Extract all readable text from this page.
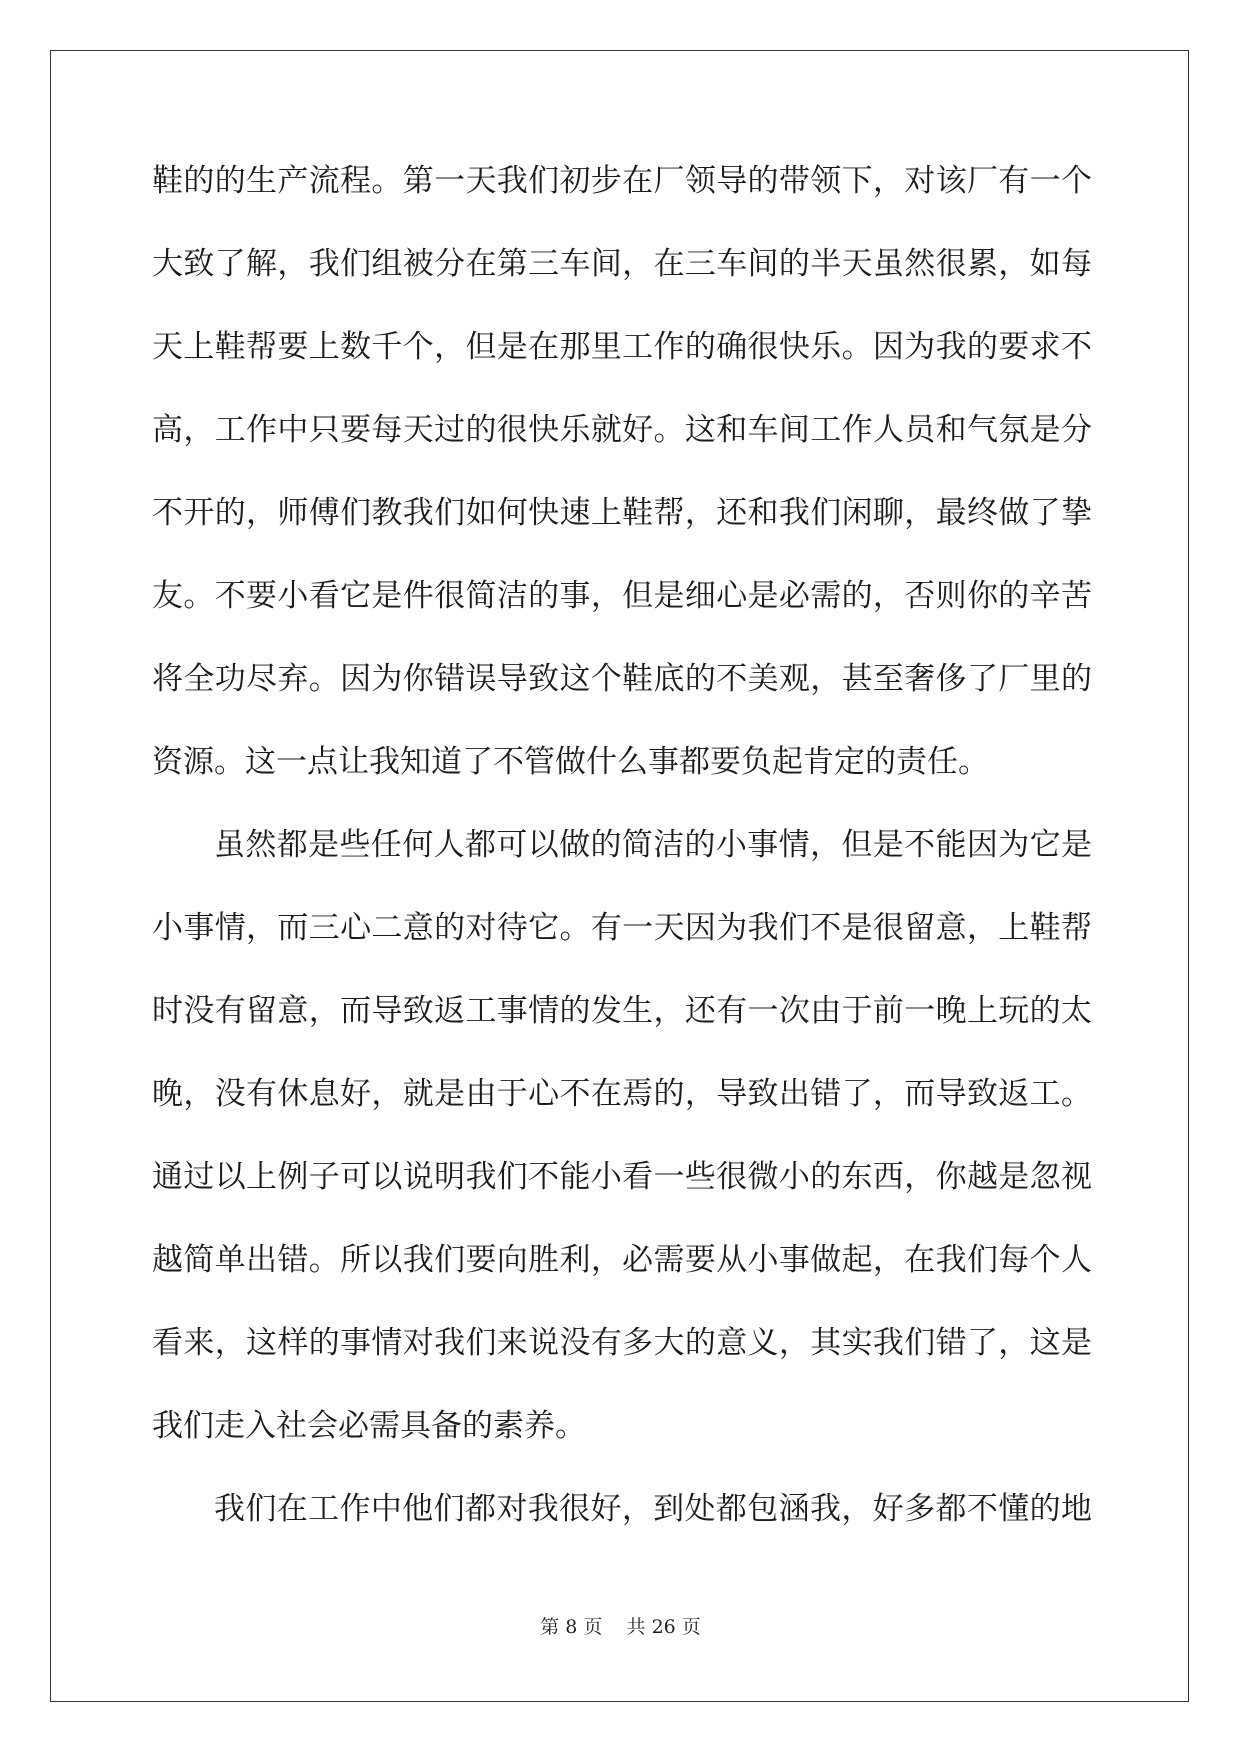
鞋的的生产流程。第一天我们初步在厂领导的带领下，对该厂有一个
大致了解，我们组被分在第三车间，在三车间的半天虽然很累，如每
天上鞋帮要上数千个，但是在那里工作的确很快乐。因为我的要求不
高，工作中只要每天过的很快乐就好。这和车间工作人员和气氛是分
不开的，师傅们教我们如何快速上鞋帮，还和我们闲聊，最终做了挚
友。不要小看它是件很简洁的事，但是细心是必需的，否则你的辛苦
将全功尽弃。因为你错误导致这个鞋底的不美观，甚至奢侈了厂里的
资源。这一点让我知道了不管做什么事都要负起肯定的责任。
虽然都是些任何人都可以做的简洁的小事情，但是不能因为它是
小事情，而三心二意的对待它。有一天因为我们不是很留意，上鞋帮
时没有留意，而导致返工事情的发生，还有一次由于前一晚上玩的太
晚，没有休息好，就是由于心不在焉的，导致出错了，而导致返工。
通过以上例子可以说明我们不能小看一些很微小的东西，你越是忽视
越简单出错。所以我们要向胜利，必需要从小事做起，在我们每个人
看来，这样的事情对我们来说没有多大的意义，其实我们错了，这是
我们走入社会必需具备的素养。
我们在工作中他们都对我很好，到处都包涵我，好多都不懂的地
第 8 页    共 26 页
